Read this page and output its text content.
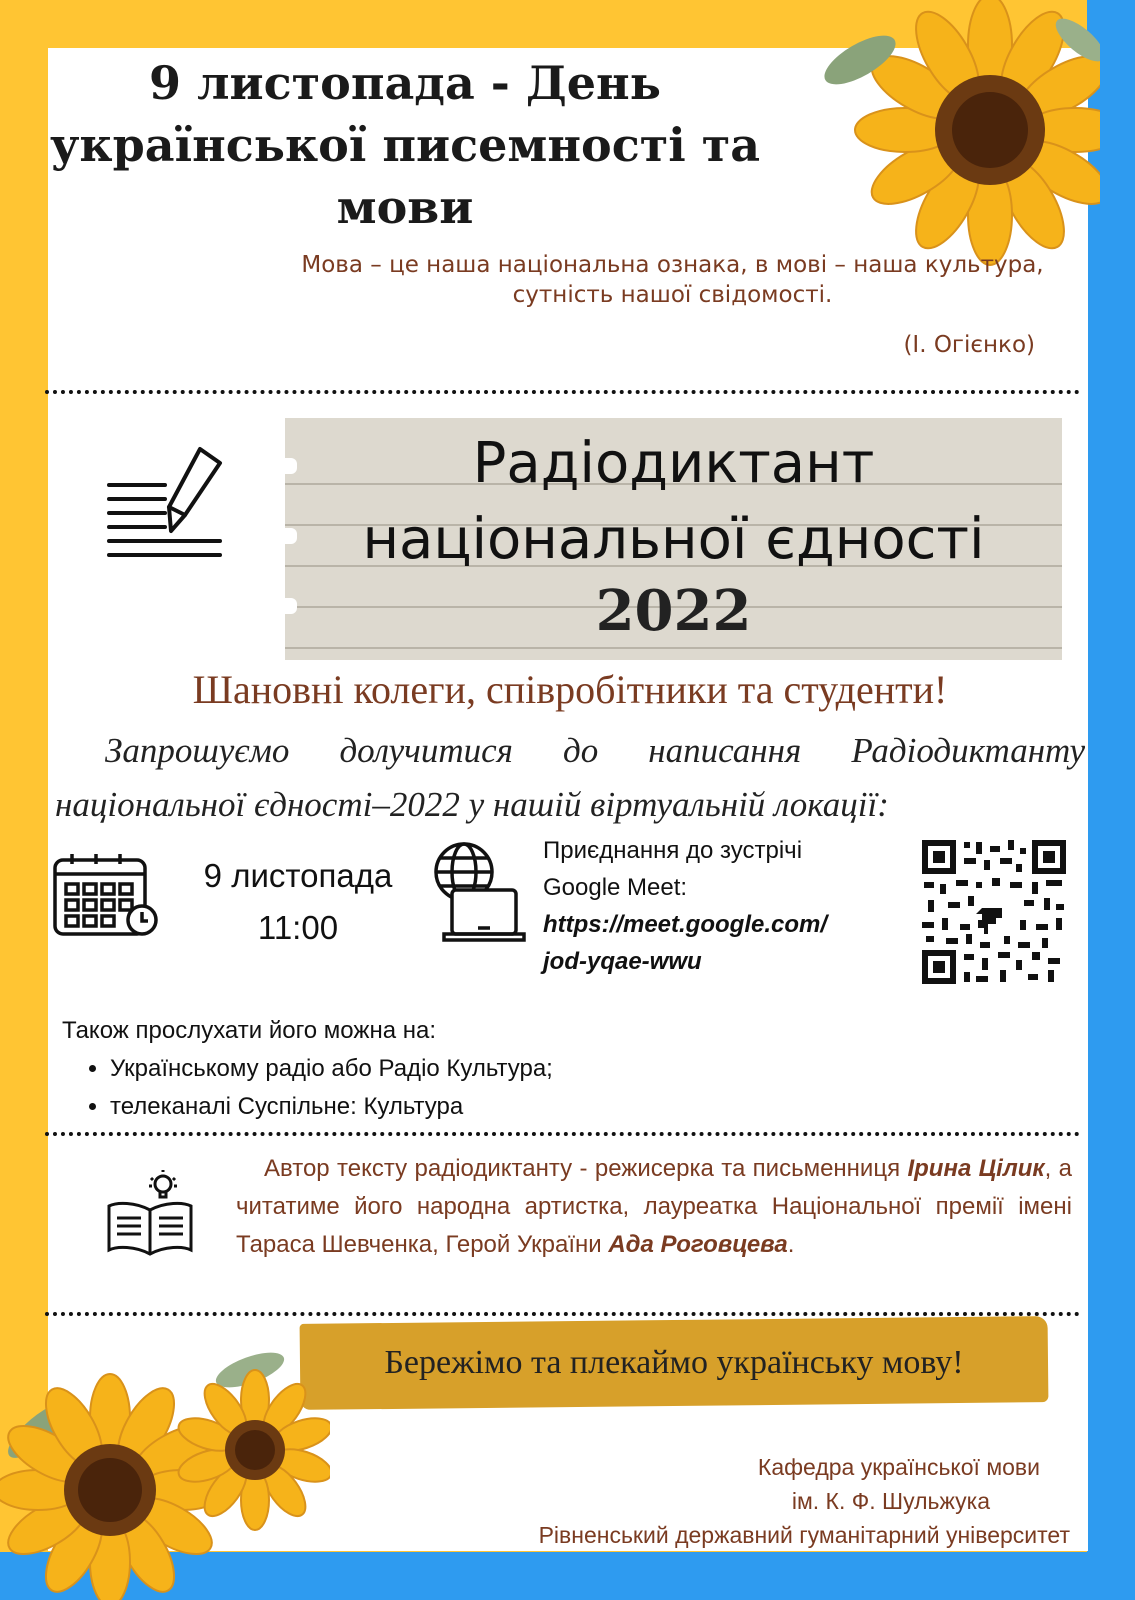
9 листопада - День української писемності та мови
Мова – це наша національна ознака, в мові – наша культура, сутність нашої свідомості.
(І. Огієнко)
Радіодиктант національної єдності
2022
Шановні колеги, співробітники та студенти!
Запрошуємо долучитися до написання Радіодиктанту національної єдності–2022 у нашій віртуальній локації:
9 листопада
11:00
Приєднання до зустрічі
Google Meet:
https://meet.google.com/
jod-yqae-wwu
Також прослухати його можна на:
• Українському радіо або Радіо Культура;
• телеканалі Суспільне: Культура
Автор тексту радіодиктанту - режисерка та письменниця Ірина Цілик, а читатиме його народна артистка, лауреатка Національної премії імені Тараса Шевченка, Герой України Ада Роговцева.
Бережімо та плекаймо українську мову!
Кафедра української мови
ім. К. Ф. Шульжука
Рівненський державний гуманітарний університет
